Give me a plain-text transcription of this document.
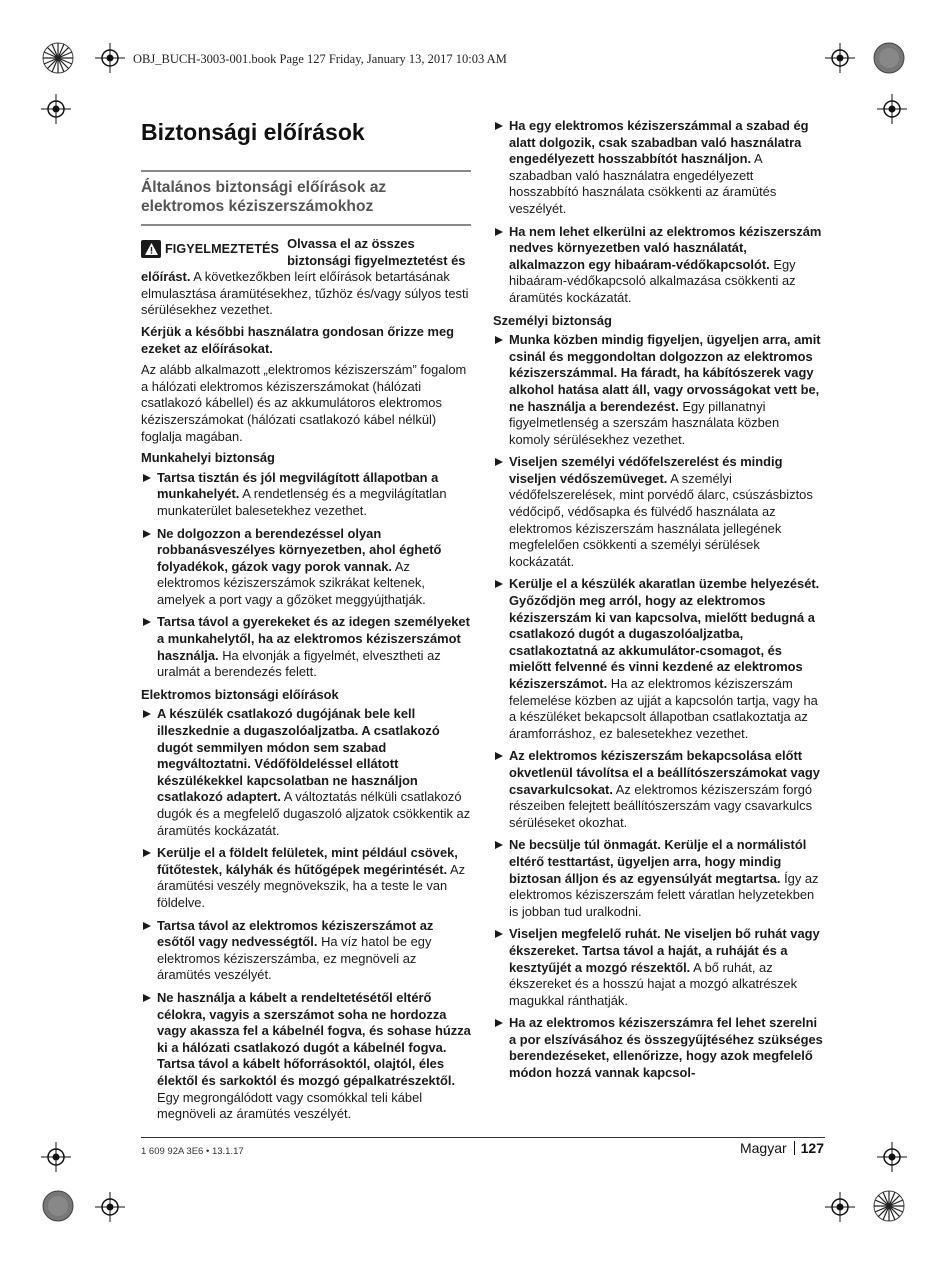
OBJ_BUCH-3003-001.book Page 127 Friday, January 13, 2017 10:03 AM
Biztonsági előírások
Általános biztonsági előírások az elektromos kéziszerszámokhoz
FIGYELMEZTETÉS Olvassa el az összes biztonsági figyelmeztetést és előírást. A következőkben leírt előírások betartásának elmulasztása áramütésekhez, tűzhöz és/vagy súlyos testi sérülésekhez vezethet.

Kérjük a későbbi használatra gondosan őrizze meg ezeket az előírásokat.

Az alább alkalmazott „elektromos kéziszerszám” fogalom a hálózati elektromos kéziszerszámokat (hálózati csatlakozó kábellel) és az akkumulátoros elektromos kéziszerszámokat (hálózati csatlakozó kábel nélkül) foglalja magában.

Munkahelyi biztonság
Tartsa tisztán és jól megvilágított állapotban a munkahelyét. A rendetlenség és a megvilágítatlan munkaterület balesetekhez vezethet.
Ne dolgozzon a berendezéssel olyan robbanásveszélyes környezetben, ahol éghető folyadékok, gázok vagy porok vannak. Az elektromos kéziszerszámok szikrákat keltenek, amelyek a port vagy a gőzöket meggyújthatják.
Tartsa távol a gyerekeket és az idegen személyeket a munkahelytől, ha az elektromos kéziszerszámot használja. Ha elvonják a figyelmét, elvesztheti az uralmát a berendezés felett.
Elektromos biztonsági előírások
A készülék csatlakozó dugójának bele kell illeszkednie a dugaszolóaljzatba. A csatlakozó dugót semmilyen módon sem szabad megváltoztatni. Védőföldeléssel ellátott készülékekkel kapcsolatban ne használjon csatlakozó adaptert. A változtatás nélküli csatlakozó dugók és a megfelelő dugaszoló aljzatok csökkentik az áramütés kockázatát.
Kerülje el a földelt felületek, mint például csövek, fűtőtestek, kályhák és hűtőgépek megérintését. Az áramütési veszély megnövekszik, ha a teste le van földelve.
Tartsa távol az elektromos kéziszerszámot az esőtől vagy nedvességtől. Ha víz hatol be egy elektromos kéziszerszámba, ez megnöveli az áramütés veszélyét.
Ne használja a kábelt a rendeltetésétől eltérő célokra, vagyis a szerszámot soha ne hordozza vagy akassza fel a kábelnél fogva, és sohase húzza ki a hálózati csatlakozó dugót a kábelnél fogva. Tartsa távol a kábelt hőforrásoktól, olajtól, éles élektől és sarkoktól és mozgó gépalkatrészektől. Egy megrongálódott vagy csomókkal teli kábel megnöveli az áramütés veszélyét.
Ha egy elektromos kéziszerszámmal a szabad ég alatt dolgozik, csak szabadban való használatra engedélyezett hosszabbítót használjon. A szabadban való használatra engedélyezett hosszabbító használata csökkenti az áramütés veszélyét.
Ha nem lehet elkerülni az elektromos kéziszerszám nedves környezetben való használatát, alkalmazzon egy hibaáram-védőkapcsolót. Egy hibaáram-védőkapcsoló alkalmazása csökkenti az áramütés kockázatát.
Személyi biztonság
Munka közben mindig figyeljen, ügyeljen arra, amit csinál és meggondoltan dolgozzon az elektromos kéziszerszámmal. Ha fáradt, ha kábítószerek vagy alkohol hatása alatt áll, vagy orvosságokat vett be, ne használja a berendezést. Egy pillanatnyi figyelmetlenség a szerszám használata közben komoly sérülésekhez vezethet.
Viseljen személyi védőfelszerelést és mindig viseljen védőszemüveget. A személyi védőfelszerelések, mint porvédő álarc, csúszásbiztos védőcipő, védősapka és fülvédő használata az elektromos kéziszerszám használata jellegének megfelelően csökkenti a személyi sérülések kockázatát.
Kerülje el a készülék akaratlan üzembe helyezését. Győződjön meg arról, hogy az elektromos kéziszerszám ki van kapcsolva, mielőtt bedugná a csatlakozó dugót a dugaszolóaljzatba, csatlakoztatná az akkumulátor-csomagot, és mielőtt felvenné és vinni kezdené az elektromos kéziszerszámot. Ha az elektromos kéziszerszám felemelése közben az ujját a kapcsolón tartja, vagy ha a készüléket bekapcsolt állapotban csatlakoztatja az áramforráshoz, ez balesetekhez vezethet.
Az elektromos kéziszerszám bekapcsolása előtt okvetlenül távolítsa el a beállítószerszámokat vagy csavarkulcsokat. Az elektromos kéziszerszám forgó részeiben felejtett beállítószerszám vagy csavarkulcs sérüléseket okozhat.
Ne becsülje túl önmagát. Kerülje el a normálistól eltérő testtartást, ügyeljen arra, hogy mindig biztosan álljon és az egyensúlyát megtartsa. Így az elektromos kéziszerszám felett váratlan helyzetekben is jobban tud uralkodni.
Viseljen megfelelő ruhát. Ne viseljen bő ruhát vagy ékszereket. Tartsa távol a haját, a ruháját és a kesztyűjét a mozgó részektől. A bő ruhát, az ékszereket és a hosszú hajat a mozgó alkatrészek magukkal ránthatják.
Ha az elektromos kéziszerszámra fel lehet szerelni a por elszívásához és összegyűjtéséhez szükséges berendezéseket, ellenőrizze, hogy azok megfelelő módon hozzá vannak kapcsol-
1 609 92A 3E6 • 13.1.17	Magyar 127
